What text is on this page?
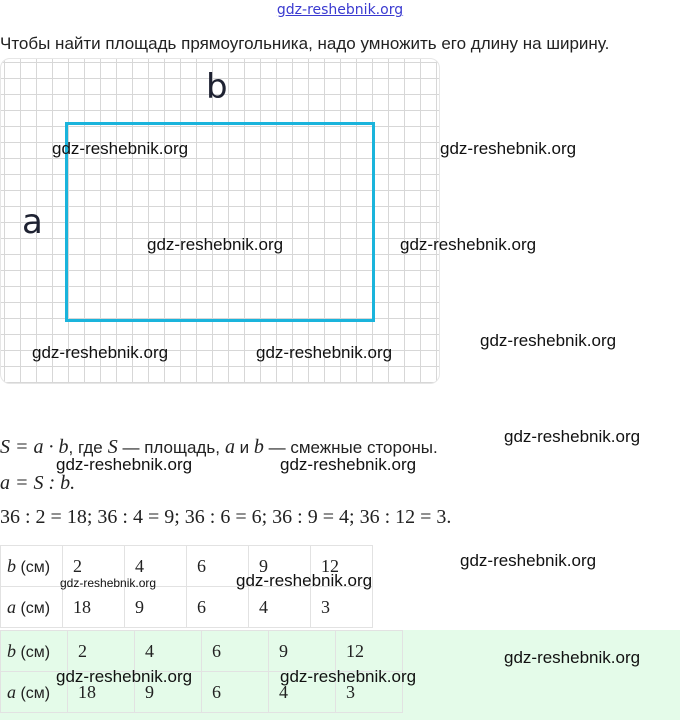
gdz-reshebnik.org
Чтобы найти площадь прямоугольника, надо умножить его длину на ширину.
b
a
S = a · b, где S — площадь, a и b — смежные стороны.
a = S : b.
36 : 2 = 18; 36 : 4 = 9; 36 : 6 = 6; 36 : 9 = 4; 36 : 12 = 3.
b (см)	2	4	6	9	12
a (см)	18	9	6	4	3
b (см)	2	4	6	9	12
a (см)	18	9	6	4	3
gdz-reshebnik.org	gdz-reshebnik.org
gdz-reshebnik.org	gdz-reshebnik.org
gdz-reshebnik.org
gdz-reshebnik.org	gdz-reshebnik.org
gdz-reshebnik.org
gdz-reshebnik.org	gdz-reshebnik.org
gdz-reshebnik.org
gdz-reshebnik.org	gdz-reshebnik.org
gdz-reshebnik.org
gdz-reshebnik.org	gdz-reshebnik.org
